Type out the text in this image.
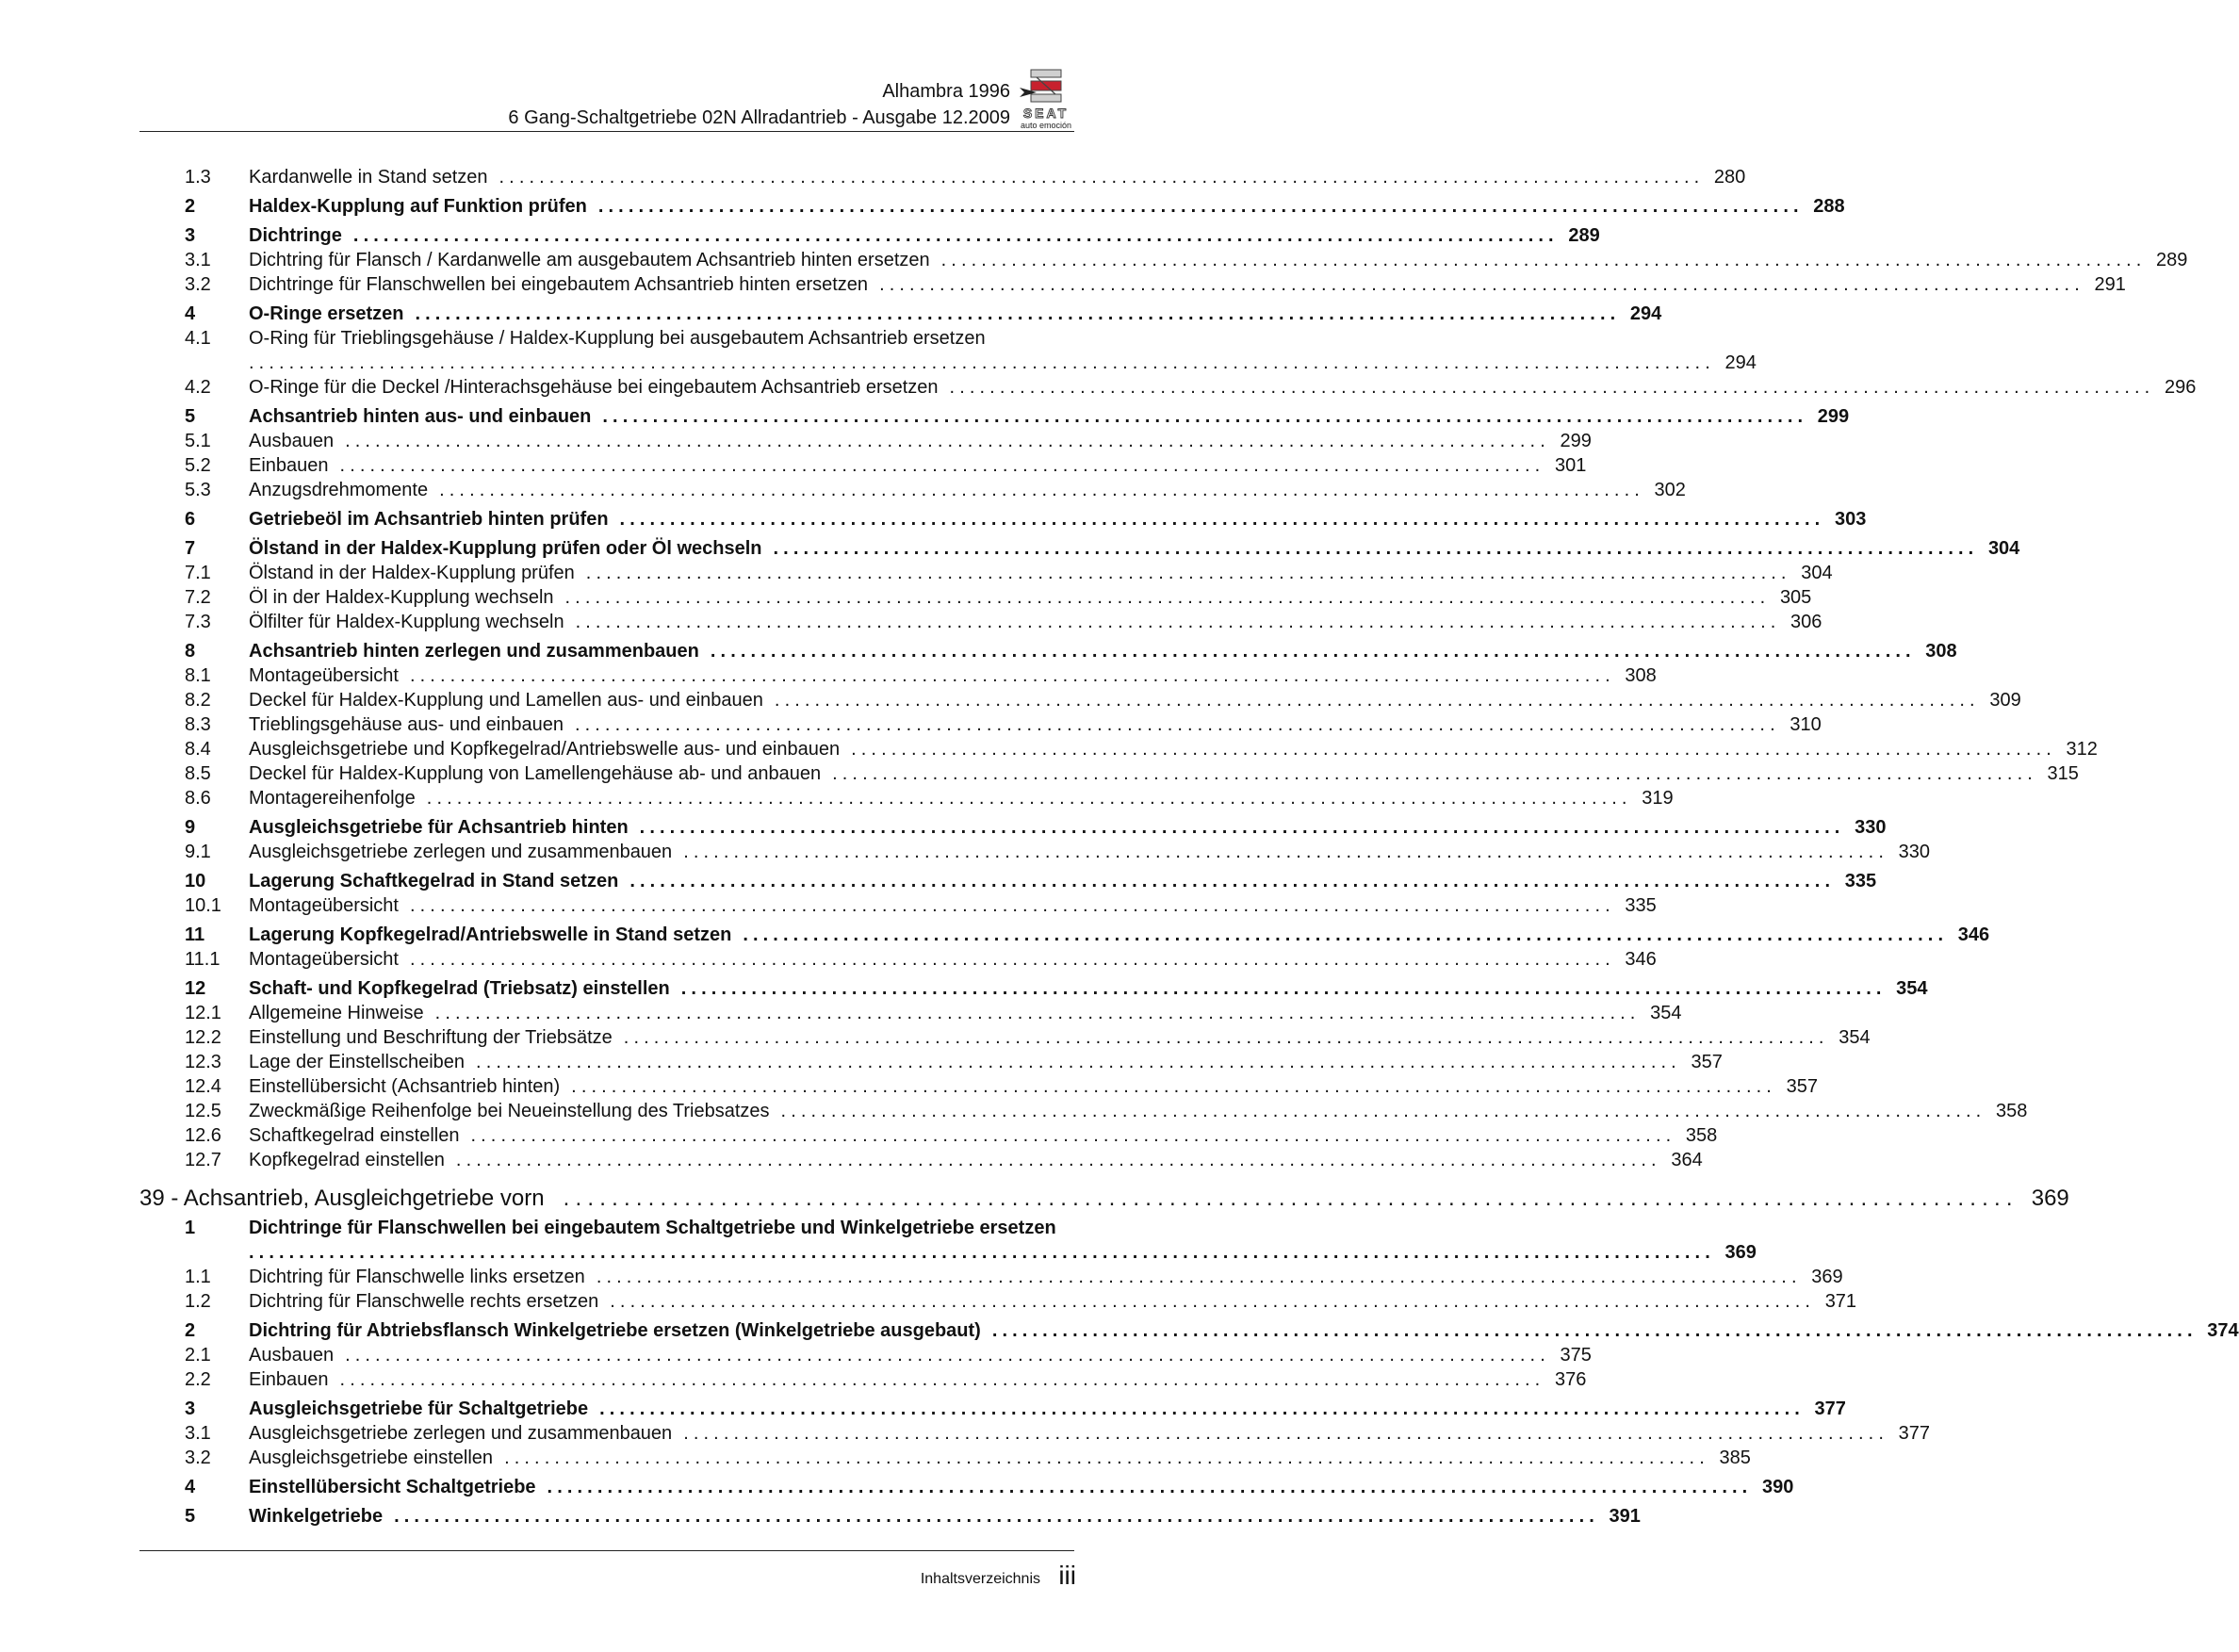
Alhambra 1996
6 Gang-Schaltgetriebe 02N Allradantrieb - Ausgabe 12.2009 SEAT
auto emoción
1.3	Kardanwelle in Stand setzen ........................................................................................................................ 280
2	Haldex-Kupplung auf Funktion prüfen ........................................................................................................................ 288
3	Dichtringe ........................................................................................................................ 289
3.1	Dichtring für Flansch / Kardanwelle am ausgebautem Achsantrieb hinten ersetzen ........................................................................................................................ 289
3.2	Dichtringe für Flanschwellen bei eingebautem Achsantrieb hinten ersetzen ........................................................................................................................ 291
4	O-Ringe ersetzen ........................................................................................................................ 294
4.1	O-Ring für Trieblingsgehäuse / Haldex-Kupplung bei ausgebautem Achsantrieb ersetzen
.................................................................................................................................................. 294
4.2	O-Ringe für die Deckel /Hinterachsgehäuse bei eingebautem Achsantrieb ersetzen ........................................................................................................................ 296
5	Achsantrieb hinten aus- und einbauen ........................................................................................................................ 299
5.1	Ausbauen ........................................................................................................................ 299
5.2	Einbauen ........................................................................................................................ 301
5.3	Anzugsdrehmomente ........................................................................................................................ 302
6	Getriebeöl im Achsantrieb hinten prüfen ........................................................................................................................ 303
7	Ölstand in der Haldex-Kupplung prüfen oder Öl wechseln ........................................................................................................................ 304
7.1	Ölstand in der Haldex-Kupplung prüfen ........................................................................................................................ 304
7.2	Öl in der Haldex-Kupplung wechseln ........................................................................................................................ 305
7.3	Ölfilter für Haldex-Kupplung wechseln ........................................................................................................................ 306
8	Achsantrieb hinten zerlegen und zusammenbauen ........................................................................................................................ 308
8.1	Montageübersicht ........................................................................................................................ 308
8.2	Deckel für Haldex-Kupplung und Lamellen aus- und einbauen ........................................................................................................................ 309
8.3	Trieblingsgehäuse aus- und einbauen ........................................................................................................................ 310
8.4	Ausgleichsgetriebe und Kopfkegelrad/Antriebswelle aus- und einbauen ........................................................................................................................ 312
8.5	Deckel für Haldex-Kupplung von Lamellengehäuse ab- und anbauen ........................................................................................................................ 315
8.6	Montagereihenfolge ........................................................................................................................ 319
9	Ausgleichsgetriebe für Achsantrieb hinten ........................................................................................................................ 330
9.1	Ausgleichsgetriebe zerlegen und zusammenbauen ........................................................................................................................ 330
10	Lagerung Schaftkegelrad in Stand setzen ........................................................................................................................ 335
10.1	Montageübersicht ........................................................................................................................ 335
11	Lagerung Kopfkegelrad/Antriebswelle in Stand setzen ........................................................................................................................ 346
11.1	Montageübersicht ........................................................................................................................ 346
12	Schaft- und Kopfkegelrad (Triebsatz) einstellen ........................................................................................................................ 354
12.1	Allgemeine Hinweise ........................................................................................................................ 354
12.2	Einstellung und Beschriftung der Triebsätze ........................................................................................................................ 354
12.3	Lage der Einstellscheiben ........................................................................................................................ 357
12.4	Einstellübersicht (Achsantrieb hinten) ........................................................................................................................ 357
12.5	Zweckmäßige Reihenfolge bei Neueinstellung des Triebsatzes ........................................................................................................................ 358
12.6	Schaftkegelrad einstellen ........................................................................................................................ 358
12.7	Kopfkegelrad einstellen ........................................................................................................................ 364
39 - Achsantrieb, Ausgleichgetriebe vorn ........................................................................................................................ 369
1	Dichtringe für Flanschwellen bei eingebautem Schaltgetriebe und Winkelgetriebe ersetzen
.................................................................................................................................................. 369
1.1	Dichtring für Flanschwelle links ersetzen ........................................................................................................................ 369
1.2	Dichtring für Flanschwelle rechts ersetzen ........................................................................................................................ 371
2	Dichtring für Abtriebsflansch Winkelgetriebe ersetzen (Winkelgetriebe ausgebaut) ........................................................................................................................ 374
2.1	Ausbauen ........................................................................................................................ 375
2.2	Einbauen ........................................................................................................................ 376
3	Ausgleichsgetriebe für Schaltgetriebe ........................................................................................................................ 377
3.1	Ausgleichsgetriebe zerlegen und zusammenbauen ........................................................................................................................ 377
3.2	Ausgleichsgetriebe einstellen ........................................................................................................................ 385
4	Einstellübersicht Schaltgetriebe ........................................................................................................................ 390
5	Winkelgetriebe ........................................................................................................................ 391
Inhaltsverzeichnis iii
